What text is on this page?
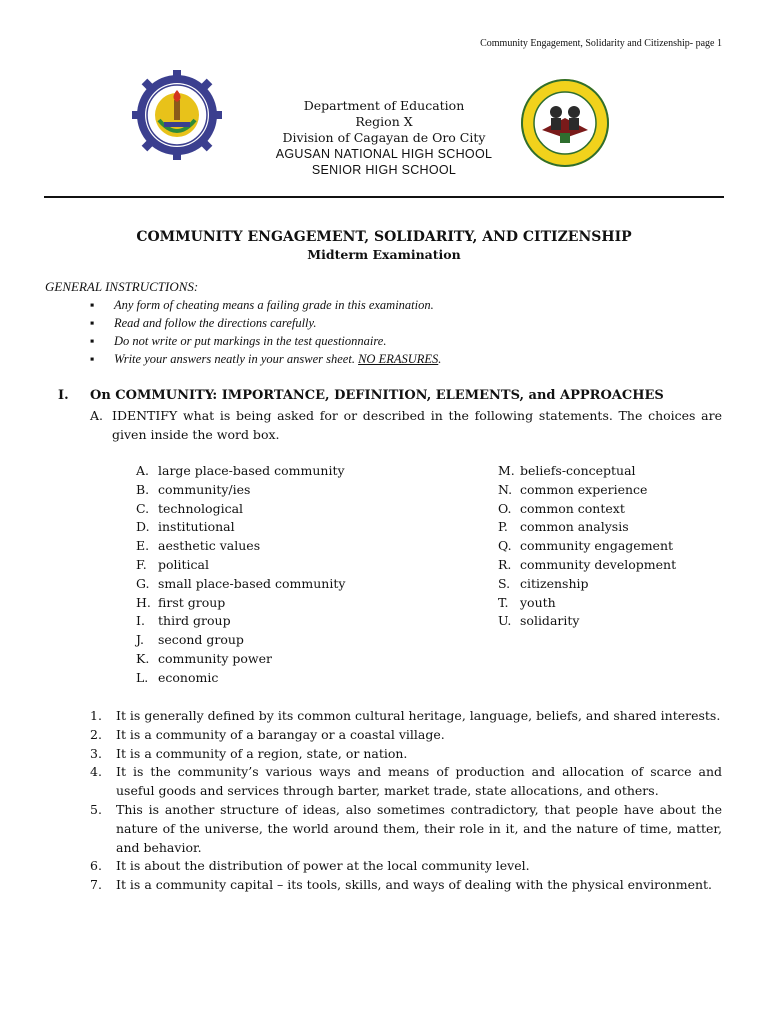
Community Engagement, Solidarity and Citizenship- page 1
Department of Education
Region X
Division of Cagayan de Oro City
AGUSAN NATIONAL HIGH SCHOOL
SENIOR HIGH SCHOOL
COMMUNITY ENGAGEMENT, SOLIDARITY, AND CITIZENSHIP
Midterm Examination
GENERAL INSTRUCTIONS:
▪ Any form of cheating means a failing grade in this examination.
▪ Read and follow the directions carefully.
▪ Do not write or put markings in the test questionnaire.
▪ Write your answers neatly in your answer sheet. NO ERASURES.
I. On COMMUNITY: IMPORTANCE, DEFINITION, ELEMENTS, and APPROACHES
A. IDENTIFY what is being asked for or described in the following statements. The choices are given inside the word box.
A. large place-based community
B. community/ies
C. technological
D. institutional
E. aesthetic values
F. political
G. small place-based community
H. first group
I. third group
J. second group
K. community power
L. economic
M. beliefs-conceptual
N. common experience
O. common context
P. common analysis
Q. community engagement
R. community development
S. citizenship
T. youth
U. solidarity
1. It is generally defined by its common cultural heritage, language, beliefs, and shared interests.
2. It is a community of a barangay or a coastal village.
3. It is a community of a region, state, or nation.
4. It is the community’s various ways and means of production and allocation of scarce and useful goods and services through barter, market trade, state allocations, and others.
5. This is another structure of ideas, also sometimes contradictory, that people have about the nature of the universe, the world around them, their role in it, and the nature of time, matter, and behavior.
6. It is about the distribution of power at the local community level.
7. It is a community capital – its tools, skills, and ways of dealing with the physical environment.
